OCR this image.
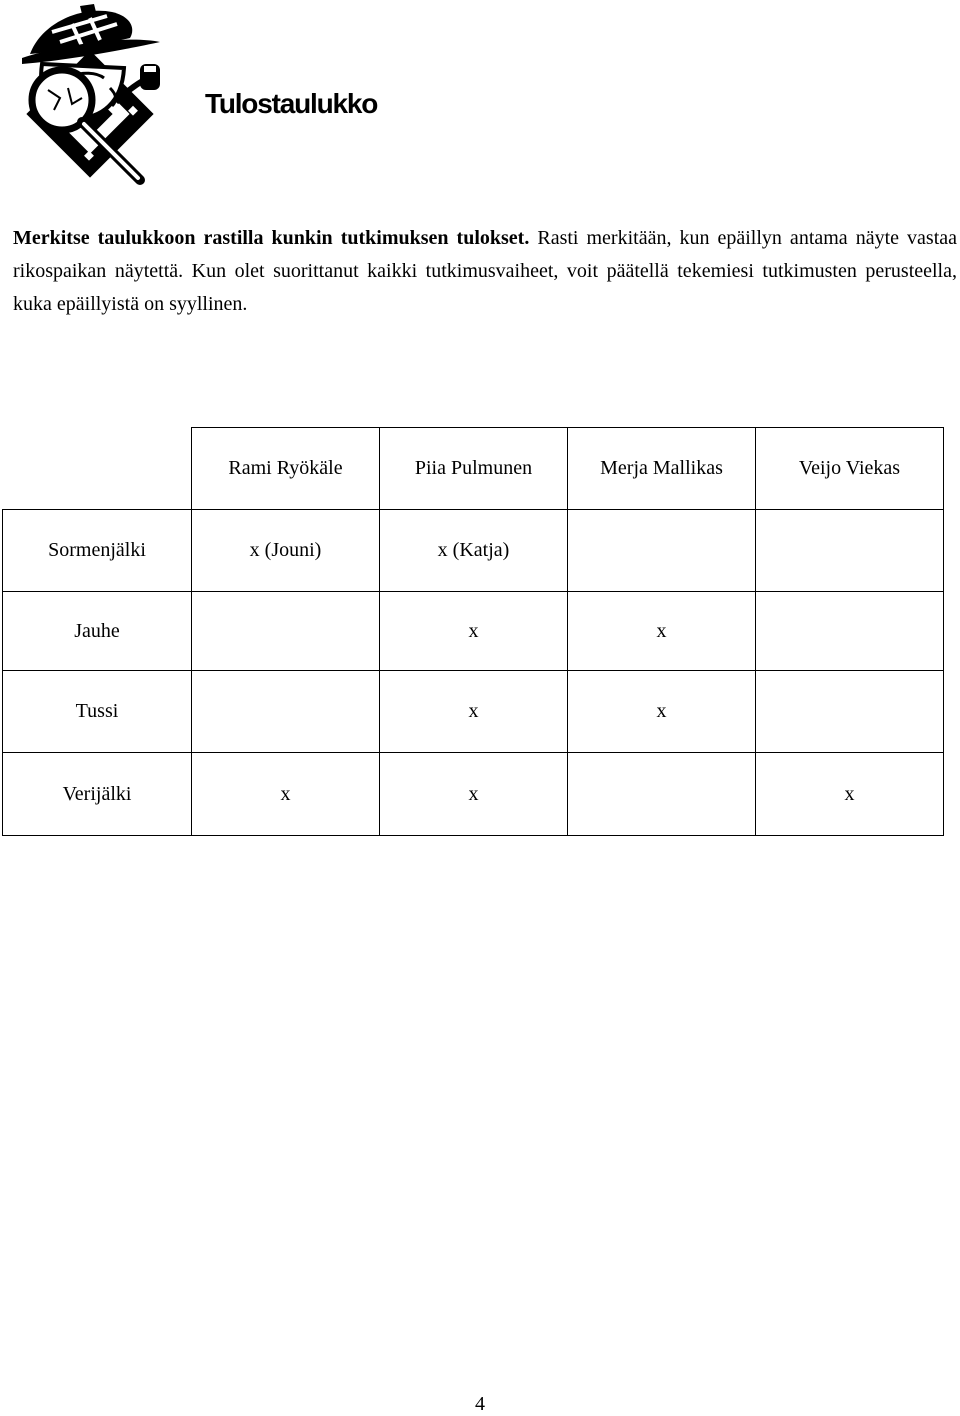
Tulostaulukko

Merkitse taulukkoon rastilla kunkin tutkimuksen tulokset. Rasti merkitään, kun epäillyn antama näyte vastaa rikospaikan näytettä. Kun olet suorittanut kaikki tutkimusvaiheet, voit päätellä tekemiesi tutkimusten perusteella, kuka epäillyistä on syyllinen.

	Rami Ryökäle	Piia Pulmunen	Merja Mallikas	Veijo Viekas
Sormenjälki	x (Jouni)	x (Katja)		
Jauhe		x	x	
Tussi		x	x	
Verijälki	x	x		x
4
